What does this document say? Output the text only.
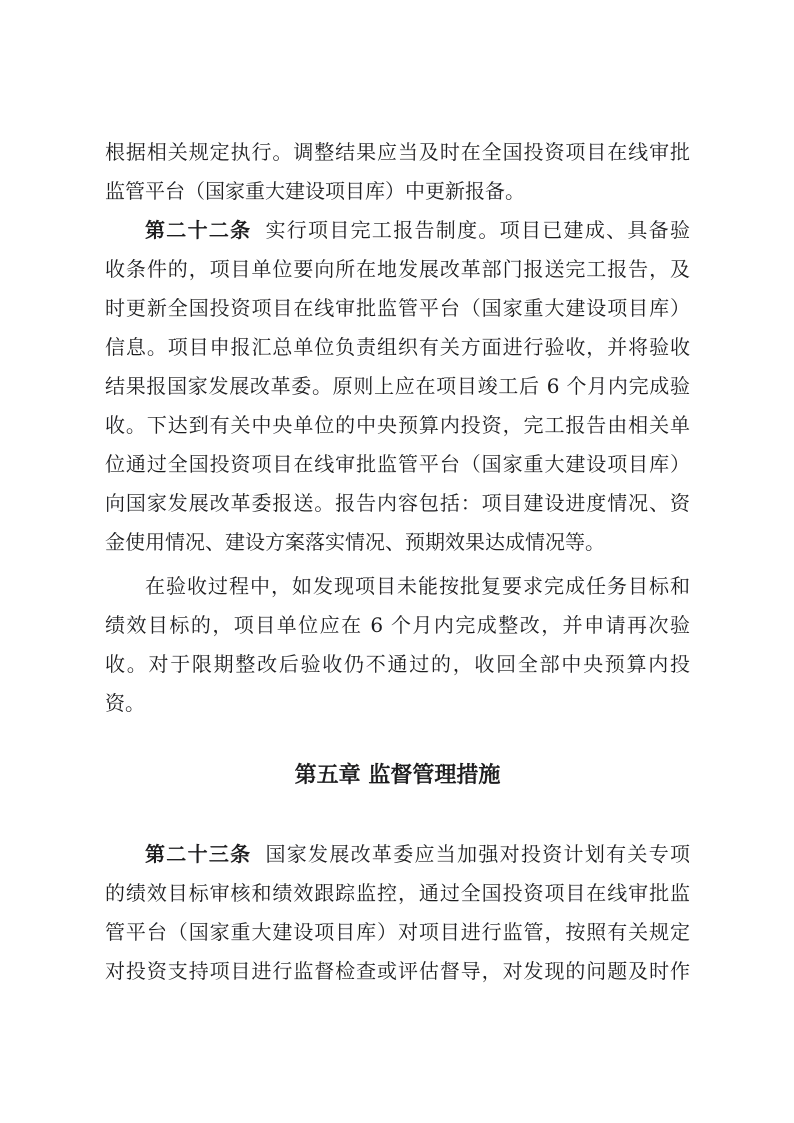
根据相关规定执行。调整结果应当及时在全国投资项目在线审批
监管平台（国家重大建设项目库）中更新报备。
第二十二条 实行项目完工报告制度。项目已建成、具备验
收条件的，项目单位要向所在地发展改革部门报送完工报告，及
时更新全国投资项目在线审批监管平台（国家重大建设项目库）
信息。项目申报汇总单位负责组织有关方面进行验收，并将验收
结果报国家发展改革委。原则上应在项目竣工后 6 个月内完成验
收。下达到有关中央单位的中央预算内投资，完工报告由相关单
位通过全国投资项目在线审批监管平台（国家重大建设项目库）
向国家发展改革委报送。报告内容包括：项目建设进度情况、资
金使用情况、建设方案落实情况、预期效果达成情况等。
在验收过程中，如发现项目未能按批复要求完成任务目标和
绩效目标的，项目单位应在 6 个月内完成整改，并申请再次验
收。对于限期整改后验收仍不通过的，收回全部中央预算内投
资。
第五章 监督管理措施
第二十三条 国家发展改革委应当加强对投资计划有关专项
的绩效目标审核和绩效跟踪监控，通过全国投资项目在线审批监
管平台（国家重大建设项目库）对项目进行监管，按照有关规定
对投资支持项目进行监督检查或评估督导，对发现的问题及时作
